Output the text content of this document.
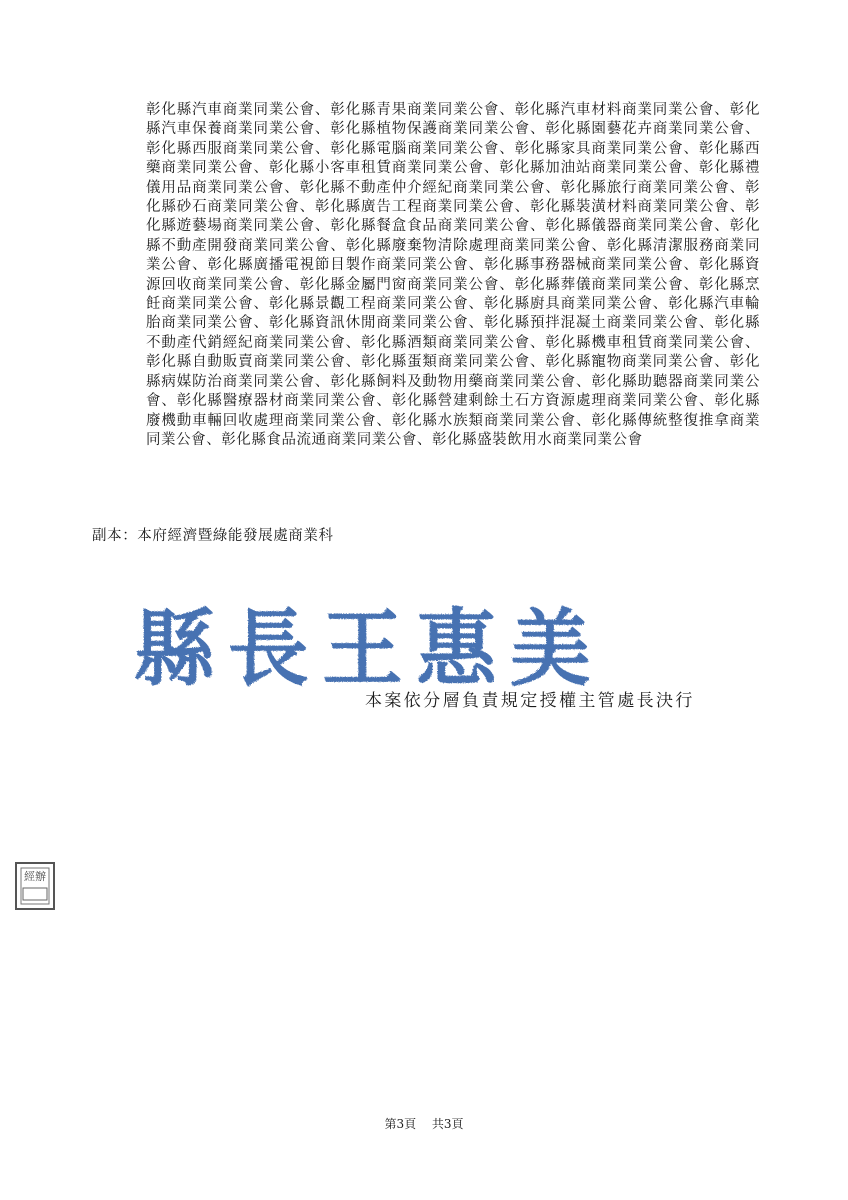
彰化縣汽車商業同業公會、彰化縣青果商業同業公會、彰化縣汽車材料商業同業公會、彰化縣汽車保養商業同業公會、彰化縣植物保護商業同業公會、彰化縣園藝花卉商業同業公會、彰化縣西服商業同業公會、彰化縣電腦商業同業公會、彰化縣家具商業同業公會、彰化縣西藥商業同業公會、彰化縣小客車租賃商業同業公會、彰化縣加油站商業同業公會、彰化縣禮儀用品商業同業公會、彰化縣不動產仲介經紀商業同業公會、彰化縣旅行商業同業公會、彰化縣砂石商業同業公會、彰化縣廣告工程商業同業公會、彰化縣裝潢材料商業同業公會、彰化縣遊藝場商業同業公會、彰化縣餐盒食品商業同業公會、彰化縣儀器商業同業公會、彰化縣不動產開發商業同業公會、彰化縣廢棄物清除處理商業同業公會、彰化縣清潔服務商業同業公會、彰化縣廣播電視節目製作商業同業公會、彰化縣事務器械商業同業公會、彰化縣資源回收商業同業公會、彰化縣金屬門窗商業同業公會、彰化縣葬儀商業同業公會、彰化縣烹飪商業同業公會、彰化縣景觀工程商業同業公會、彰化縣廚具商業同業公會、彰化縣汽車輪胎商業同業公會、彰化縣資訊休閒商業同業公會、彰化縣預拌混凝土商業同業公會、彰化縣不動產代銷經紀商業同業公會、彰化縣酒類商業同業公會、彰化縣機車租賃商業同業公會、彰化縣自動販賣商業同業公會、彰化縣蛋類商業同業公會、彰化縣寵物商業同業公會、彰化縣病媒防治商業同業公會、彰化縣飼料及動物用藥商業同業公會、彰化縣助聽器商業同業公會、彰化縣醫療器材商業同業公會、彰化縣營建剩餘土石方資源處理商業同業公會、彰化縣廢機動車輛回收處理商業同業公會、彰化縣水族類商業同業公會、彰化縣傳統整復推拿商業同業公會、彰化縣食品流通商業同業公會、彰化縣盛裝飲用水商業同業公會

副本：本府經濟暨綠能發展處商業科
縣長王惠美
本案依分層負責規定授權主管處長決行
經辦
第3頁 共3頁
